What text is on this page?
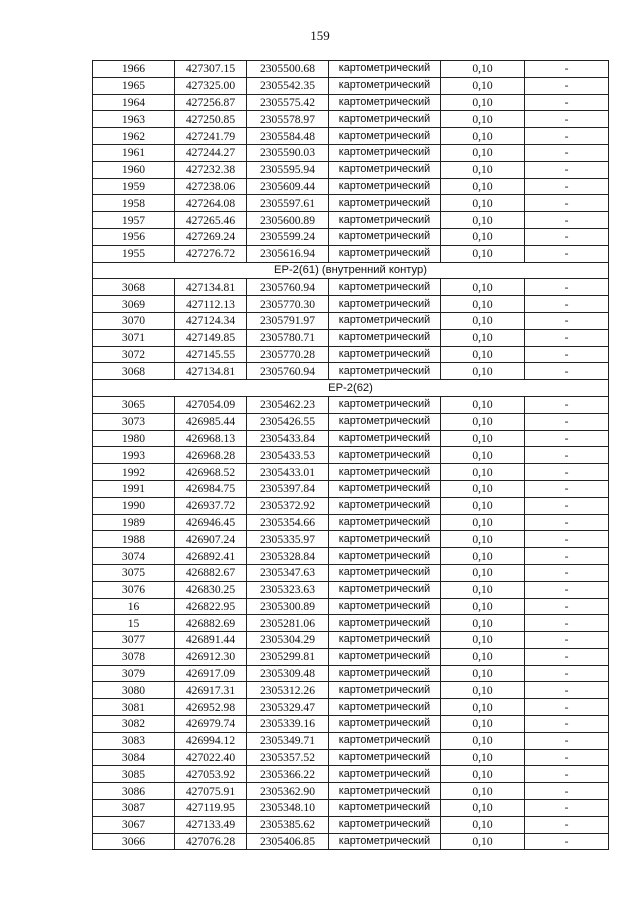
159
1966	427307.15	2305500.68	картометрический	0,10	-
1965	427325.00	2305542.35	картометрический	0,10	-
1964	427256.87	2305575.42	картометрический	0,10	-
1963	427250.85	2305578.97	картометрический	0,10	-
1962	427241.79	2305584.48	картометрический	0,10	-
1961	427244.27	2305590.03	картометрический	0,10	-
1960	427232.38	2305595.94	картометрический	0,10	-
1959	427238.06	2305609.44	картометрический	0,10	-
1958	427264.08	2305597.61	картометрический	0,10	-
1957	427265.46	2305600.89	картометрический	0,10	-
1956	427269.24	2305599.24	картометрический	0,10	-
1955	427276.72	2305616.94	картометрический	0,10	-
ЕР-2(61) (внутренний контур)					
3068	427134.81	2305760.94	картометрический	0,10	-
3069	427112.13	2305770.30	картометрический	0,10	-
3070	427124.34	2305791.97	картометрический	0,10	-
3071	427149.85	2305780.71	картометрический	0,10	-
3072	427145.55	2305770.28	картометрический	0,10	-
3068	427134.81	2305760.94	картометрический	0,10	-
ЕР-2(62)					
3065	427054.09	2305462.23	картометрический	0,10	-
3073	426985.44	2305426.55	картометрический	0,10	-
1980	426968.13	2305433.84	картометрический	0,10	-
1993	426968.28	2305433.53	картометрический	0,10	-
1992	426968.52	2305433.01	картометрический	0,10	-
1991	426984.75	2305397.84	картометрический	0,10	-
1990	426937.72	2305372.92	картометрический	0,10	-
1989	426946.45	2305354.66	картометрический	0,10	-
1988	426907.24	2305335.97	картометрический	0,10	-
3074	426892.41	2305328.84	картометрический	0,10	-
3075	426882.67	2305347.63	картометрический	0,10	-
3076	426830.25	2305323.63	картометрический	0,10	-
16	426822.95	2305300.89	картометрический	0,10	-
15	426882.69	2305281.06	картометрический	0,10	-
3077	426891.44	2305304.29	картометрический	0,10	-
3078	426912.30	2305299.81	картометрический	0,10	-
3079	426917.09	2305309.48	картометрический	0,10	-
3080	426917.31	2305312.26	картометрический	0,10	-
3081	426952.98	2305329.47	картометрический	0,10	-
3082	426979.74	2305339.16	картометрический	0,10	-
3083	426994.12	2305349.71	картометрический	0,10	-
3084	427022.40	2305357.52	картометрический	0,10	-
3085	427053.92	2305366.22	картометрический	0,10	-
3086	427075.91	2305362.90	картометрический	0,10	-
3087	427119.95	2305348.10	картометрический	0,10	-
3067	427133.49	2305385.62	картометрический	0,10	-
3066	427076.28	2305406.85	картометрический	0,10	-
